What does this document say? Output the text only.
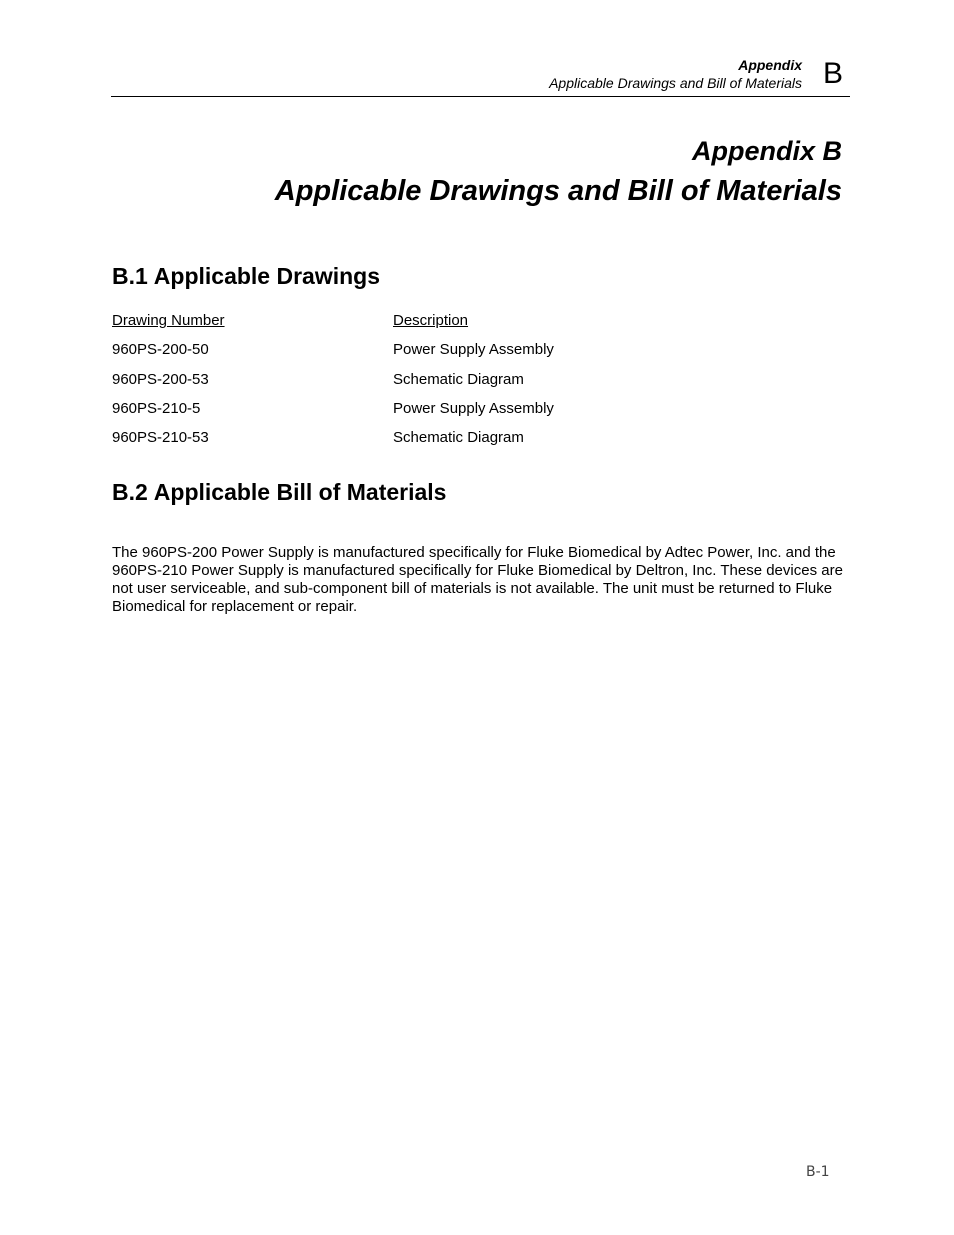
Appendix
Applicable Drawings and Bill of Materials B
Appendix B
Applicable Drawings and Bill of Materials
B.1 Applicable Drawings
Drawing Number	Description
960PS-200-50	Power Supply Assembly
960PS-200-53	Schematic Diagram
960PS-210-5	Power Supply Assembly
960PS-210-53	Schematic Diagram
B.2 Applicable Bill of Materials

The 960PS-200 Power Supply is manufactured specifically for Fluke Biomedical by Adtec Power, Inc. and the 960PS-210 Power Supply is manufactured specifically for Fluke Biomedical by Deltron, Inc. These devices are not user serviceable, and sub-component bill of materials is not available. The unit must be returned to Fluke Biomedical for replacement or repair.

B-1
